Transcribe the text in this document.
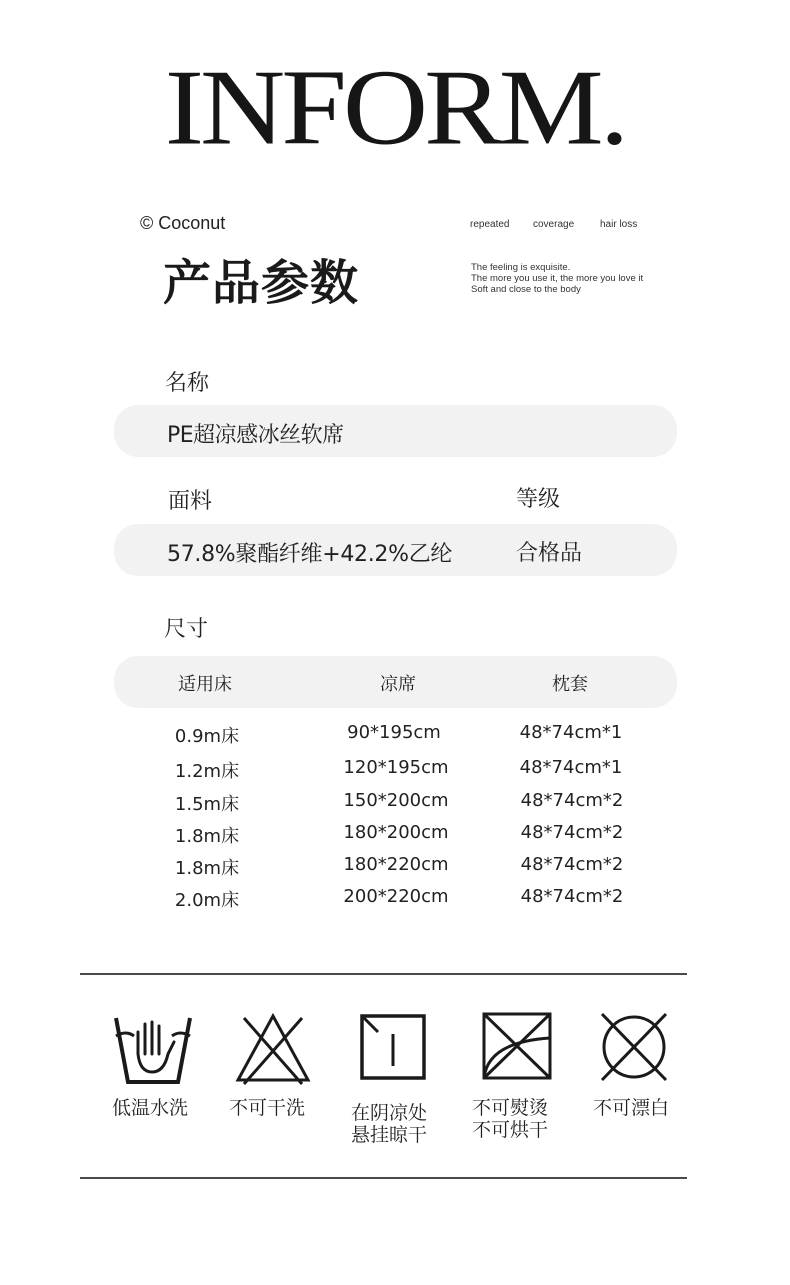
INFORM.
© Coconut
产品参数
repeated coverage	hair loss
The feeling is exquisite.
The more you use it, the more you love it
Soft and close to the body
名称
PE超凉感冰丝软席
面料	等级
57.8%聚酯纤维+42.2%乙纶	合格品
尺寸
适用床	凉席	枕套
0.9m床	90*195cm	48*74cm*1
1.2m床	120*195cm	48*74cm*1
1.5m床	150*200cm	48*74cm*2
1.8m床	180*200cm	48*74cm*2
1.8m床	180*220cm	48*74cm*2
2.0m床	200*220cm	48*74cm*2
低温水洗	不可干洗	在阴凉处
悬挂晾干
不可熨烫
不可烘干
不可漂白
